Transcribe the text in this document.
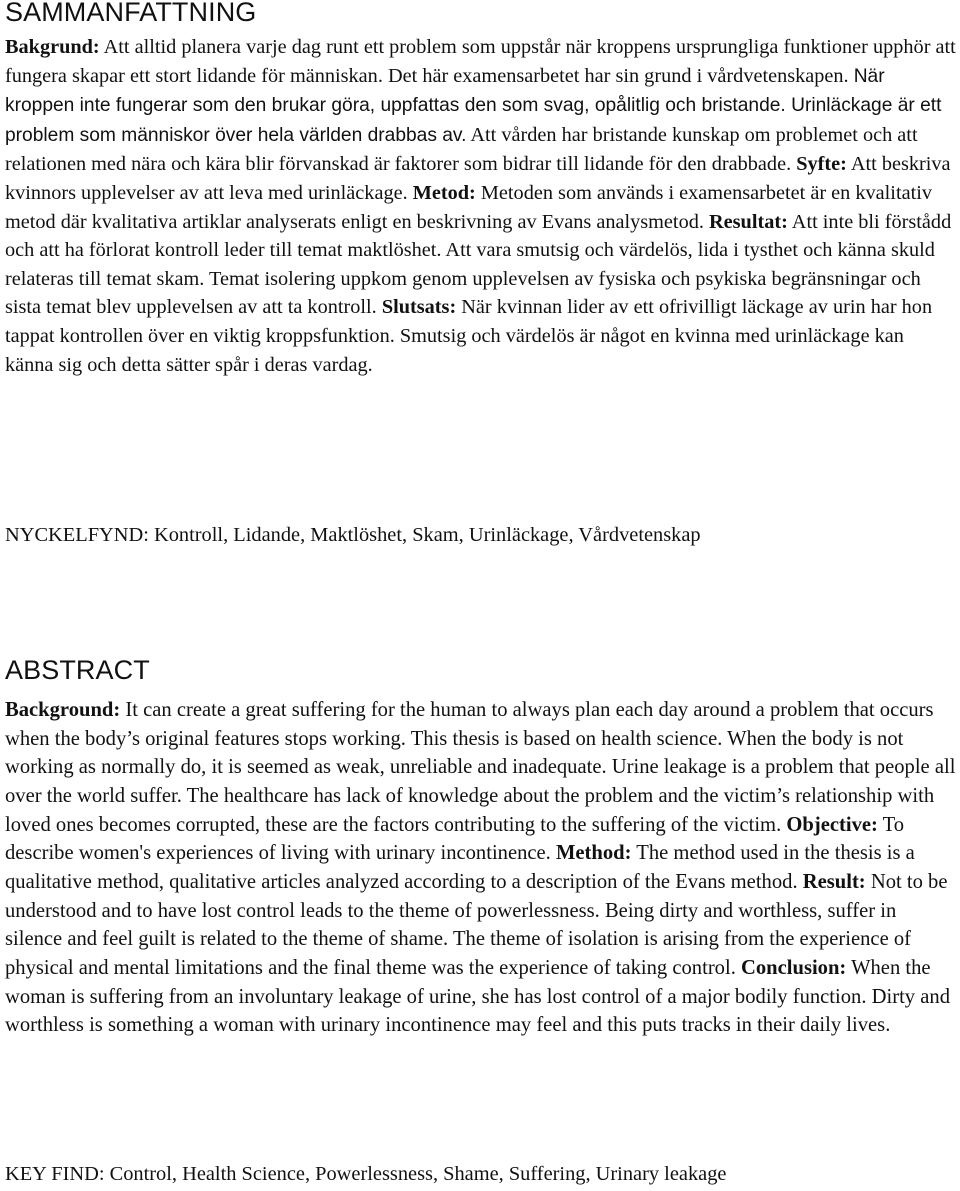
SAMMANFATTNING

Bakgrund: Att alltid planera varje dag runt ett problem som uppstår när kroppens ursprungliga funktioner upphör att fungera skapar ett stort lidande för människan. Det här examensarbetet har sin grund i vårdvetenskapen. När kroppen inte fungerar som den brukar göra, uppfattas den som svag, opålitlig och bristande. Urinläckage är ett problem som människor över hela världen drabbas av. Att vården har bristande kunskap om problemet och att relationen med nära och kära blir förvanskad är faktorer som bidrar till lidande för den drabbade. Syfte: Att beskriva kvinnors upplevelser av att leva med urinläckage. Metod: Metoden som används i examensarbetet är en kvalitativ metod där kvalitativa artiklar analyserats enligt en beskrivning av Evans analysmetod. Resultat: Att inte bli förstådd och att ha förlorat kontroll leder till temat maktlöshet. Att vara smutsig och värdelös, lida i tysthet och känna skuld relateras till temat skam. Temat isolering uppkom genom upplevelsen av fysiska och psykiska begränsningar och sista temat blev upplevelsen av att ta kontroll. Slutsats: När kvinnan lider av ett ofrivilligt läckage av urin har hon tappat kontrollen över en viktig kroppsfunktion. Smutsig och värdelös är något en kvinna med urinläckage kan känna sig och detta sätter spår i deras vardag.

NYCKELFYND: Kontroll, Lidande, Maktlöshet, Skam, Urinläckage, Vårdvetenskap

ABSTRACT

Background: It can create a great suffering for the human to always plan each day around a problem that occurs when the body’s original features stops working. This thesis is based on health science. When the body is not working as normally do, it is seemed as weak, unreliable and inadequate. Urine leakage is a problem that people all over the world suffer. The healthcare has lack of knowledge about the problem and the victim’s relationship with loved ones becomes corrupted, these are the factors contributing to the suffering of the victim. Objective: To describe women's experiences of living with urinary incontinence. Method: The method used in the thesis is a qualitative method, qualitative articles analyzed according to a description of the Evans method. Result: Not to be understood and to have lost control leads to the theme of powerlessness. Being dirty and worthless, suffer in silence and feel guilt is related to the theme of shame. The theme of isolation is arising from the experience of physical and mental limitations and the final theme was the experience of taking control. Conclusion: When the woman is suffering from an involuntary leakage of urine, she has lost control of a major bodily function. Dirty and worthless is something a woman with urinary incontinence may feel and this puts tracks in their daily lives.

KEY FIND: Control, Health Science, Powerlessness, Shame, Suffering, Urinary leakage
